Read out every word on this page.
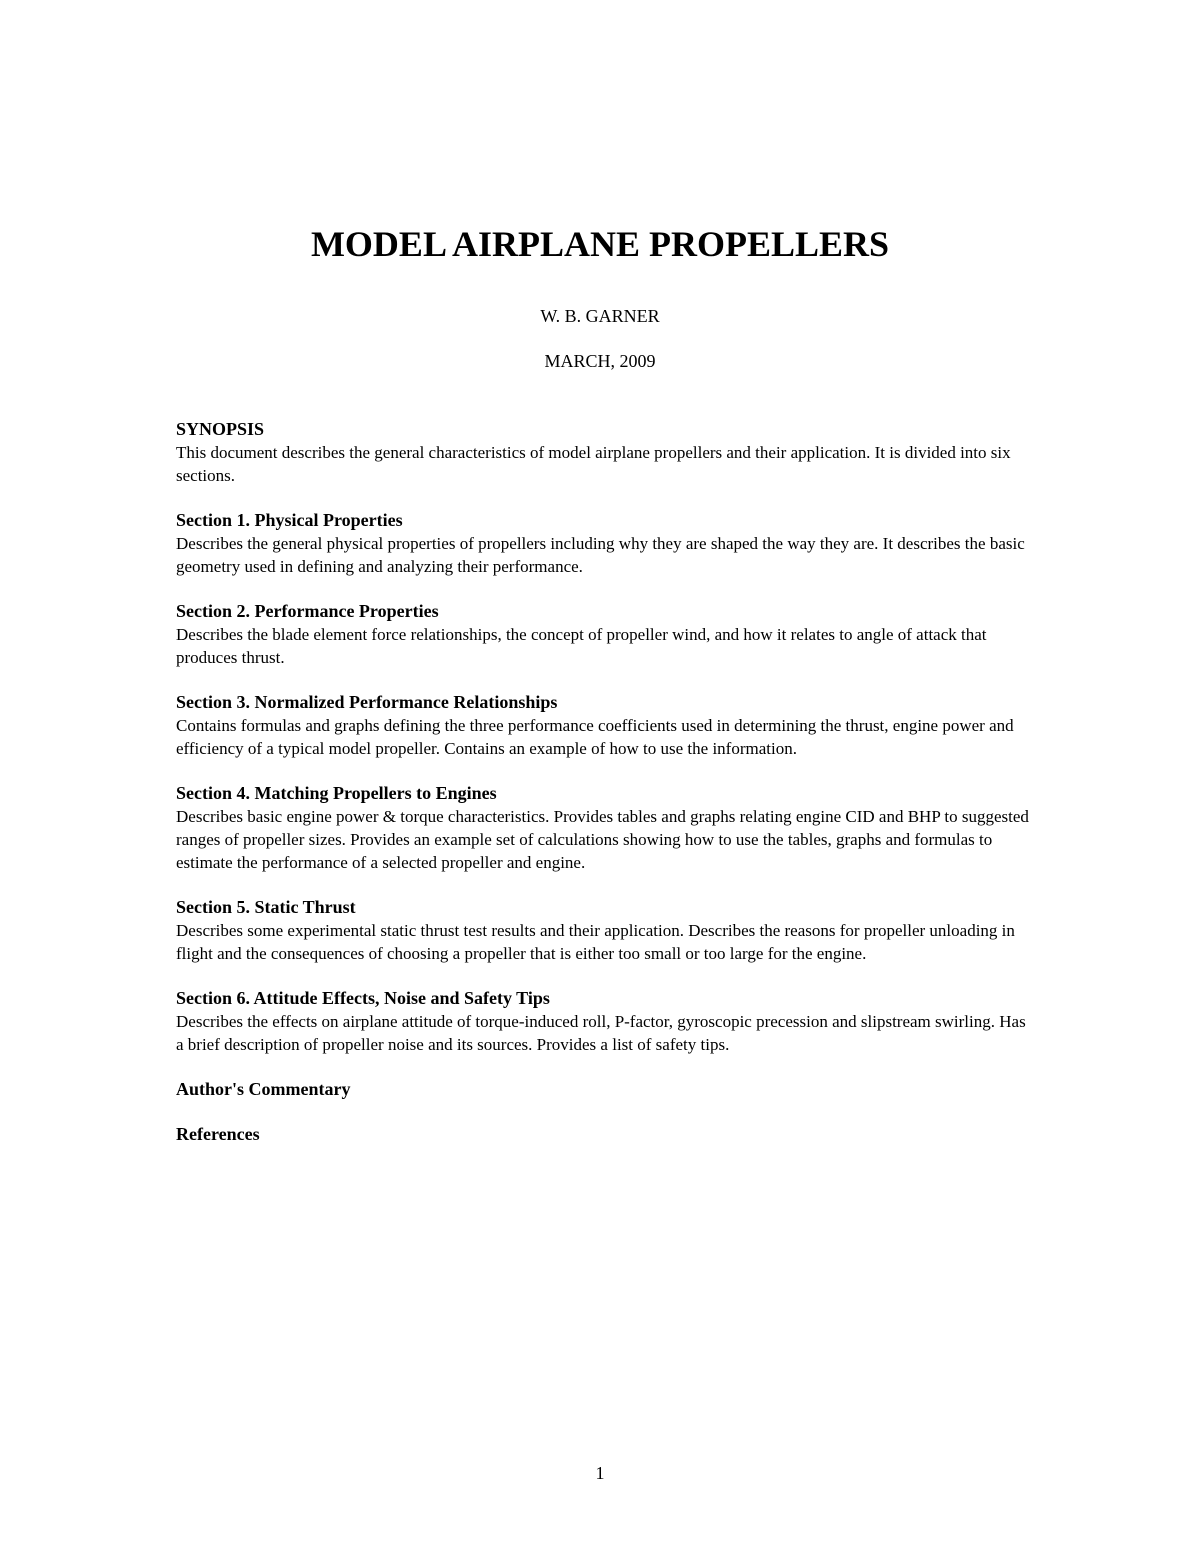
MODEL AIRPLANE PROPELLERS
W. B. GARNER
MARCH, 2009

SYNOPSIS

This document describes the general characteristics of model airplane propellers and their application. It is divided into six sections.

Section 1. Physical Properties

Describes the general physical properties of propellers including why they are shaped the way they are. It describes the basic geometry used in defining and analyzing their performance.

Section 2. Performance Properties

Describes the blade element force relationships, the concept of propeller wind, and how it relates to angle of attack that produces thrust.

Section 3. Normalized Performance Relationships

Contains formulas and graphs defining the three performance coefficients used in determining the thrust, engine power and efficiency of a typical model propeller. Contains an example of how to use the information.

Section 4. Matching Propellers to Engines

Describes basic engine power & torque characteristics. Provides tables and graphs relating engine CID and BHP to suggested ranges of propeller sizes. Provides an example set of calculations showing how to use the tables, graphs and formulas to estimate the performance of a selected propeller and engine.

Section 5. Static Thrust

Describes some experimental static thrust test results and their application. Describes the reasons for propeller unloading in flight and the consequences of choosing a propeller that is either too small or too large for the engine.

Section 6. Attitude Effects, Noise and Safety Tips

Describes the effects on airplane attitude of torque-induced roll, P-factor, gyroscopic precession and slipstream swirling. Has a brief description of propeller noise and its sources. Provides a list of safety tips.

Author's Commentary

References

1
